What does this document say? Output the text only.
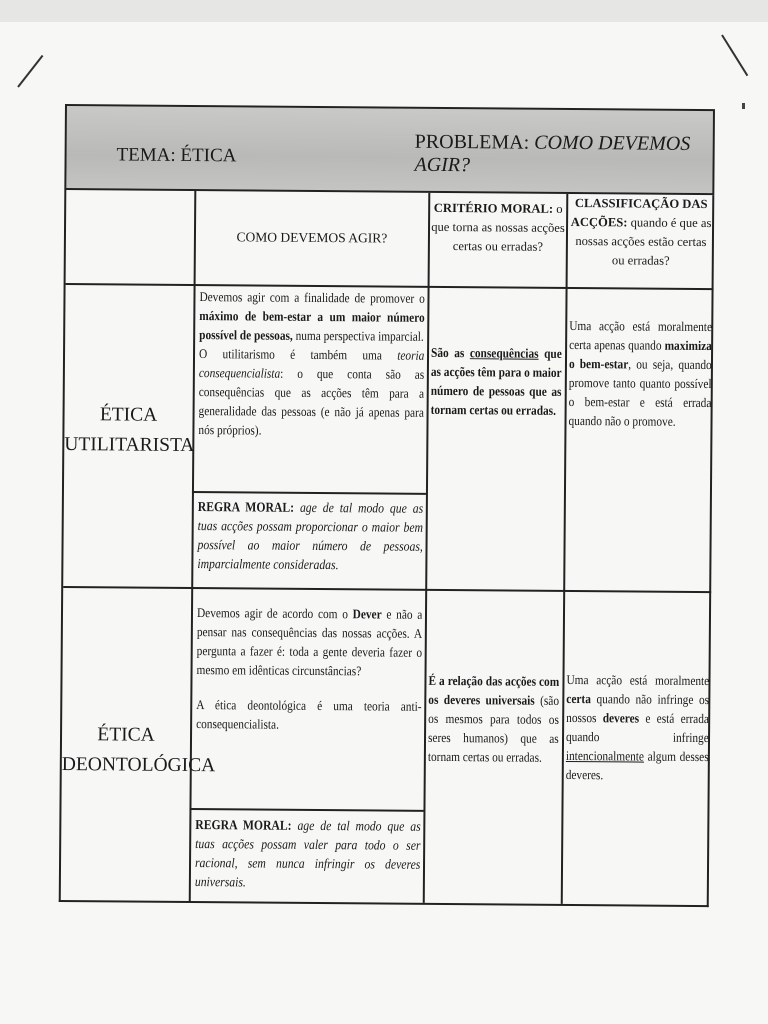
TEMA: ÉTICA
PROBLEMA: COMO DEVEMOS AGIR?
COMO DEVEMOS AGIR?
CRITÉRIO MORAL: o que torna as nossas acções certas ou erradas?
CLASSIFICAÇÃO DAS ACÇÕES: quando é que as nossas acções estão certas ou erradas?
ÉTICA
UTILITARISTA
Devemos agir com a finalidade de promover o máximo de bem-estar a um maior número possível de pessoas, numa perspectiva imparcial.
O utilitarismo é também uma teoria consequencialista: o que conta são as consequências que as acções têm para a generalidade das pessoas (e não já apenas para nós próprios).
REGRA MORAL: age de tal modo que as tuas acções possam proporcionar o maior bem possível ao maior número de pessoas, imparcialmente consideradas.
São as consequências que as acções têm para o maior número de pessoas que as tornam certas ou erradas.
Uma acção está moralmente certa apenas quando maximiza o bem-estar, ou seja, quando promove tanto quanto possível o bem-estar e está errada quando não o promove.
ÉTICA
DEONTOLÓGICA
Devemos agir de acordo com o Dever e não a pensar nas consequências das nossas acções. A pergunta a fazer é: toda a gente deveria fazer o mesmo em idênticas circunstâncias?
A ética deontológica é uma teoria anti-consequencialista.
REGRA MORAL: age de tal modo que as tuas acções possam valer para todo o ser racional, sem nunca infringir os deveres universais.
É a relação das acções com os deveres universais (são os mesmos para todos os seres humanos) que as tornam certas ou erradas.
Uma acção está moralmente certa quando não infringe os nossos deveres e está errada quando infringe intencionalmente algum desses deveres.
